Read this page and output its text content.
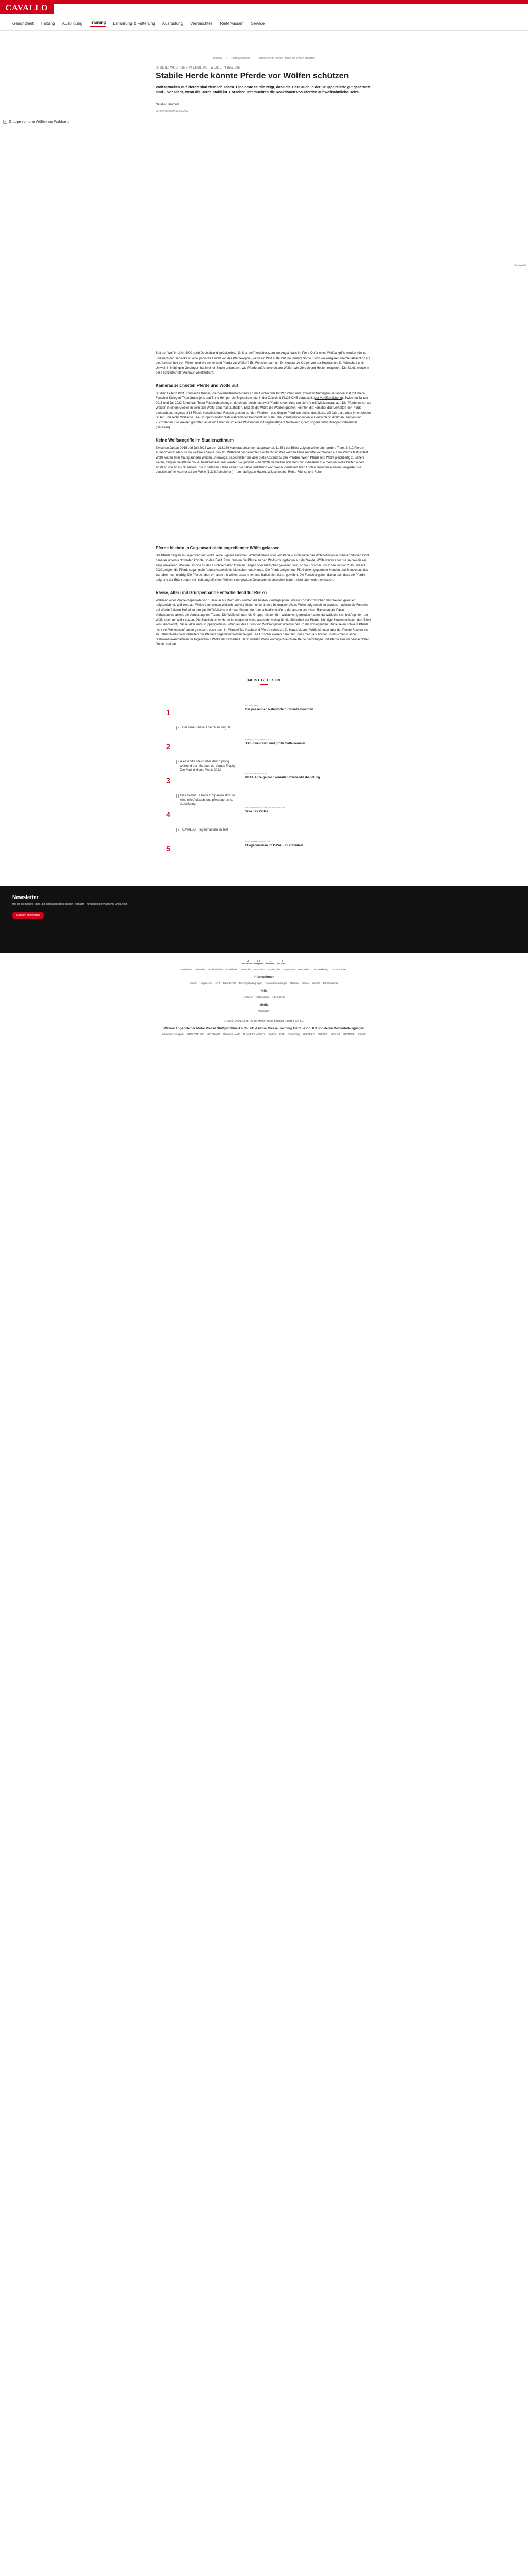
CAVALLO
Gesundheit Haltung Ausbildung Training Ernährung & Fütterung Ausrüstung Vermischtes Reiterwissen Service
Training › Pferdeverhalten › Stabile Herde könnte Pferde vor Wölfen schützen
STUDIE: WOLF UND PFERDE AUF WEIDE IN BAYERN
Stabile Herde könnte Pferde vor Wölfen schützen

Wolfsattacken auf Pferde sind ziemlich selten. Eine neue Studie zeigt, dass die Tiere auch in der Gruppe relativ gut geschützt sind – vor allem, wenn die Herde stabil ist. Forscher untersuchten die Reaktionen von Pferden auf wolfsähnliche Reize.

Natalie Hammers
Veröffentlicht am 16.08.2023
Gruppe von drei Wölfen am Waldrand
Foto: IMAGO

Seit der Wolf im Jahr 2000 nach Deutschland zurückkehrte, fühlt er bei Pferdebesitzern zur Angst, dass ihr Pferd Opfer eines Wolfsangriffs werden könnte – und auch der Gedanke an eine panische Flucht von der Pferdekoppel, wenn ein Wolf auftaucht, beunruhigt Sorge. Doch wie reagieren Pferde tatsächlich auf die Anwesenheit von Wölfen und wie sicher sind Pferde vor Wölfen? Ein Forscherteam um Dr. Konstanze Krüger von der Hochschule für Wirtschaft und Umwelt in Nürtingen-Geislingen hat in einer Studie untersucht, wie Pferde auf Anzeichen von Wölfen wie Geruch und Heulen reagieren. Die Studie wurde in der Fachzeitschrift "Animals" veröffentlicht.

Kameras zeichneten Pferde und Wölfe auf

Studien Leiterin Prof. Konstanze Krüger, Pferdeverhaltensforscherin an der Hochschule für Wirtschaft und Umwelt in Nürtingen-Geislingen, hat mit ihrem Forscher-Kollegen Theo Gruentjens und Enno Hempel die Ergebnisse jetzt in der Zeitschrift PLOS ONE vorgestellt (zur Veröffentlichung). Zwischen Januar 2015 und Juli 2022 führte das Team Feldbeobachtungen durch und zeichnete zwei Pferdeherden rund um die Uhr mit Wildkameras auf. Die Pferde lebten auf Weiden in einem Gebiet, in dem sich Wölfe dauerhaft aufhalten. Erst als die Wölfe die Weiden querten, konnten die Forscher das Verhalten der Pferde beobachten. Insgesamt 13 Pferde verschiedener Rassen grasten auf den Weiden – das jüngste Pferd war sechs, das älteste 29 Jahre alt, unter ihnen sieben Stuten und sechs Wallache. Die Gruppenstruktur blieb während der Beobachtung stabil. Die Pferdeweiden lagen in Deutschland direkt an Hängen und Zuchtstätten. Die Weiden grenzten an einen Lebensraum eines Wolfsrudels mit regelmäßigem Nachwuchs, dem sogenannten Knappenrode-Rudel (Sachsen).

Keine Wolfsangriffe im Studienzeitraum

Zwischen Januar 2015 und Juli 2022 wurden 213.179 Kameraaufnahmen ausgewertet. 11.561 der Bilder zeigten Wölfe oder andere Tiere, 2.412 Pferde-Aufnahmen wurden für die weitere Analyse genutzt. Während der gesamten Beobachtungszeit wurden keine Angriffe von Wölfen auf die Pferde festgestellt. Wölfe waren zwar häufig auf den Weiden unterwegs, dabei hielten sie aber stets Abstand zu den Pferden. Wenn Pferde und Wölfe gleichzeitig zu sehen waren, zeigten die Pferde mal Aufmerksamkeit, mal wurden sie ignoriert – die Wölfe verhielten sich stets zurückhaltend. Die meisten Wölfe hielten einen Abstand von 10 bis 30 Metern, nur in seltenen Fällen kamen sie näher. Auffallend war: Wenn Pferde mit ihren Fohlen zusammen waren, reagierten sie deutlich aufmerksamer auf die Wölfe (1.313 Aufnahmen) – am häufigsten Hasen, Wildschweine, Rehe, Füchse und Rehe.

Pferde blieben in Gegenwart nicht angreifender Wölfe gelassen

Die Pferde zeigten in Gegenwart der Wölfe keine Signale zeitlichen Wohlbefindens oder von Panik – auch wenn das Wohlbefinden in früheren Studien nicht genauer untersucht werden könnte, so das Fazit. Zwar rannten die Pferde an den Wolfsichtungstagen auf der Weide, Wölfe waren aber nur an drei dieser Tage anwesend. Weitere Gründe für das Fluchtverhalten könnten Fliegen oder Menschen gewesen sein, so die Forscher. Zwischen Januar 2015 und Juli 2022 zeigten die Pferde sogar mehr Aufmerksamkeit für Menschen und Hunde. Die Pferde zeigten nur Pfählichkeit gegenüber Hunden und Menschen, das war aber noch niedrig. Die Pferde leben oft lange mit Wölfen zusammen und haben sich daran gewöhnt. Die Forscher gehen davon aus, dass die Pferde aufgrund der Erfahrungen mit nicht angreifenden Wölfen eine gewisse Gelassenheit entwickelt haben, nicht aber verlernen haben.

Rasse, Alter und Gruppenbande entscheidend für Risiko

Während einer Vergleichsperiode von 1. Januar bis März 2022 wurden die beiden Pferdegruppen und ein Korridor zwischen den Weiden genauer aufgezeichnet. Während auf Weide 1 mit einem Wallach und vier Stuten unverändert 16 jungsten Alters Wölfe aufgezeichnet wurden, machten die Forscher auf Weide 2 deren Hof, einer gruppe fünf Wallache und zwei Stuten, die unterschiedliche Werte der aus untersuchten Rasse ergab. Diese Verhaltensvariablen, die Vermutung des Teams: Die Wölfe könnten die Gruppe mit den fünf Wallachen gemieden haben, da Wallache sich bei Angriffen der Wölfe eher zur Wehr setzen. Die Stabilität einer Herde ist möglicherweise also sehr wichtig für die Sicherheit der Pferde. Künftige Studien müssten den Effekt von Geschlecht, Rasse, Alter und Gruppengröße in Bezug auf das Risiko von Wolfsangriffen untersuchen. In der vorliegenden Studie seien schwere Pferde nicht mit Wölfen konfrontiert gewesen, doch auch im Wandel Tap-Nacht sind Pferde schwach. Zu Hauptfaktoren Wölfe könnten aber der Pferde Rassen sich zu unterschiedlichem Verhalten der Pferden gegenüber Wölfen zeigen. Die Forscher weisen daraufhin, dass mehr als 1/3 der untersuchten Fläche Stallkamera-Aufnahmen im Tagesverlauf Wölfe der Sicherheit. Dann würden Wölfe womöglich leichtere Beute bevorzugen und Pferde eine im beobachteten Gebiet meiden.

MEIST GELESEN
1
GESUNDHEIT
Die passenden Nährstoffe für Pferde-Senioren
2
Der neue Cheval Liberté Touring XL
FAHRZEUGE | ANHÄNGER
XXL-Innenraum und große Sattelkammer
3
Alessandra Reich über dem Sprung während der Marques de Vargas Trophy Zur Madrid Horse Week 2022
GESUNDHEIT | SPORT
PETA-Anzeige nach erneuter Pferde-Misshandlung
4
Das Gestüt La Perla in Spanien stritt für eine tolle Aufzucht und pferdegerechte Ausbildung.
EIN ANDALUSIER PRESSE AUF GESTÜT
Viva Las Perlas
5
CAVALLO Fliegenmasken im Test
FLIEGENMASKEN IM TEST
Fliegenmasken im CAVALLO Praxistest
Newsletter
Hol dir alle heißen Tipps und Inspiration direkt in dein Postfach – für noch mehr Harmonie und Erfolg!
Erhalten abonnieren
Facebook Instagram Pinterest YouTube
Newsletter Heft-Abo Einzelheft-Abo Kioskfinder Heftarchiv Probeabo Cavallo Plus Impressum Datenschutz Für Marketing Für Mitarbeiter
Informationen
Kontakt Impressum AGB Datenschutz Nutzungsbedingungen Cookie-Einstellungen Werben Presse Karriere Barrierefreiheit
Hilfe
Heftarchiv Datenschutz Abo & Hefte
Media
Mediadaten
© 2024 CAVALLO ist Teil der Motor Presse Stuttgart GmbH & Co. KG
Weitere Angebote der Motor Presse Stuttgart GmbH & Co. KG & Motor Presse Hamburg GmbH & Co. KG und deren Medienbeteiligungen
auto motor und sport AUTO ZEITUNG Men's Health Women's Health RUNNER'S WORLD Outdoor BIKE Caravaning ROADBIKE FLIEGER Motorrad PROMOBIL Cavallo
